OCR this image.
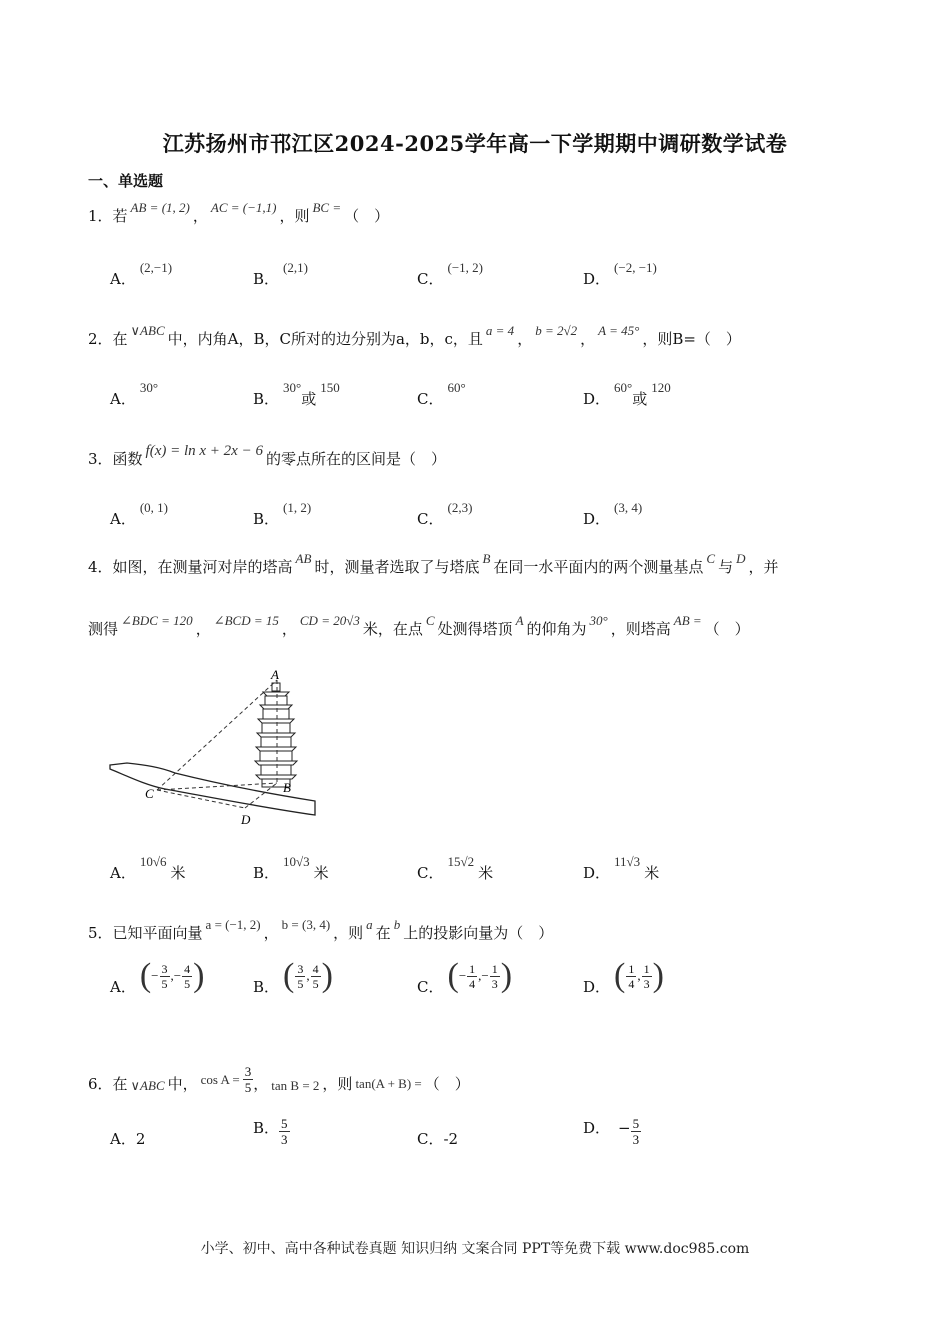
江苏扬州市邗江区2024-2025学年高一下学期期中调研数学试卷
一、单选题
1．若 AB = (1, 2) ， AC = (−1,1) ，则 BC = （　）
A．(2,−1)
B．(2,1)
C．(−1, 2)
D．(−2, −1)
2．在 ∨ABC 中，内角A，B，C所对的边分别为a，b，c，且 a = 4 ， b = 2√2 ， A = 45° ，则B=（　）
A．30°
B．30°或150
C．60°
D．60°或120
3．函数 f(x) = ln x + 2x − 6 的零点所在的区间是（　）
A．(0, 1)
B．(1, 2)
C．(2,3)
D．(3, 4)
4．如图，在测量河对岸的塔高 AB 时，测量者选取了与塔底 B 在同一水平面内的两个测量基点 C 与 D ，并
测得 ∠BDC = 120 ， ∠BCD = 15 ， CD = 20√3 米，在点 C 处测得塔顶 A 的仰角为 30° ，则塔高 AB = （　）
A
B
C
D
A．10√6米	B．10√3米	C．15√2米	D．11√3米
5．已知平面向量 a = (−1, 2) ， b = (3, 4) ，则 a 在 b 上的投影向量为（　）
A． ( − $\frac{3}{5}$ , − $\frac{4}{5}$ )	B． ( $\frac{3}{5}$ , $\frac{4}{5}$ )	C． ( − $\frac{1}{4}$ , − $\frac{1}{3}$ )	D． ( $\frac{1}{4}$ , $\frac{1}{3}$ )
6．在 ∨ABC 中， $\cos A = \frac{3}{5}$ ， tan B = 2 ，则 tan(A + B) = （　）
A．2
B． $\frac{5}{3}$	C．-2
D． − $\frac{5}{3}$
小学、初中、高中各种试卷真题 知识归纳 文案合同 PPT等免费下载 www.doc985.com
